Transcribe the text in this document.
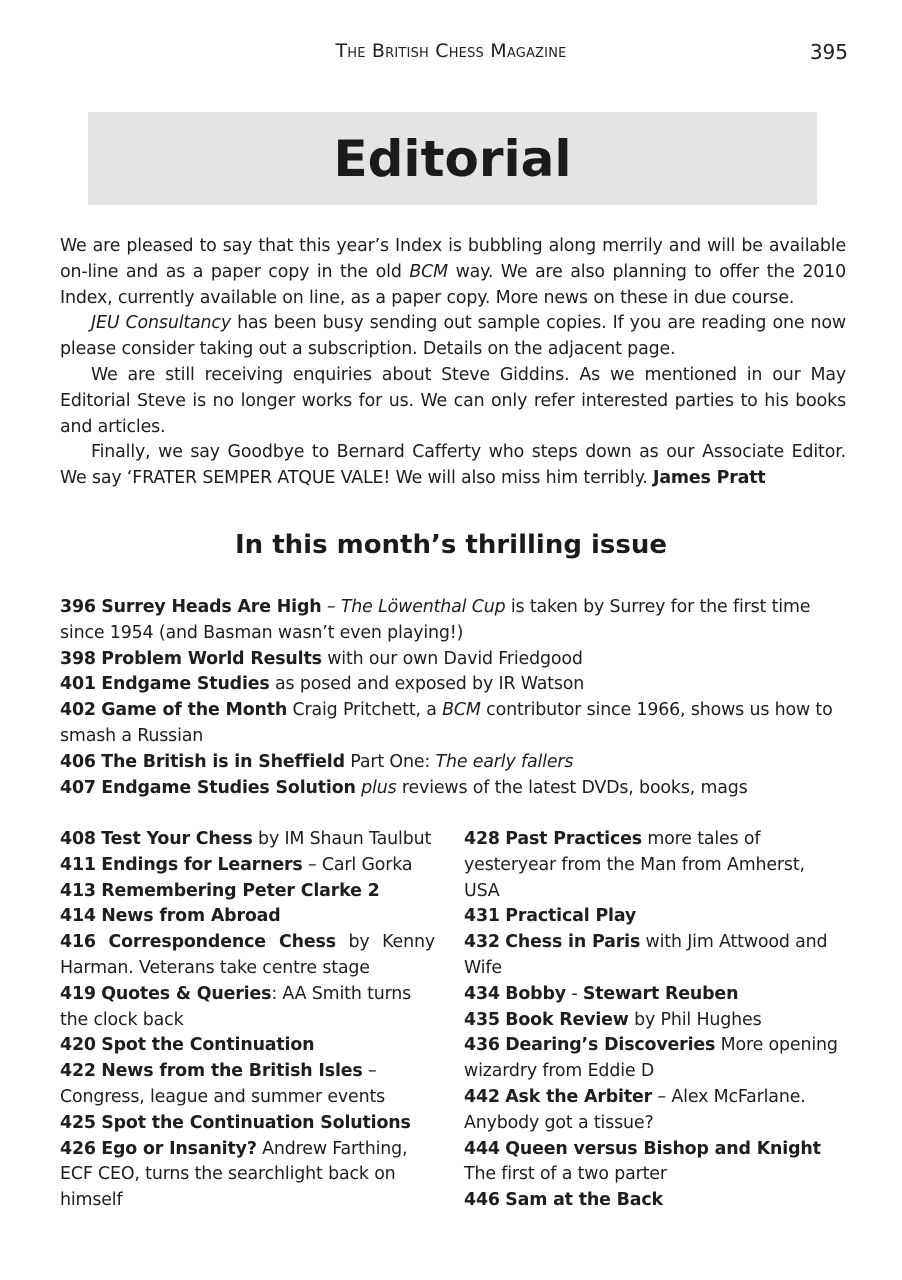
The British Chess Magazine	395
Editorial

We are pleased to say that this year’s Index is bubbling along merrily and will be available on-line and as a paper copy in the old BCM way. We are also planning to offer the 2010 Index, currently available on line, as a paper copy. More news on these in due course.

JEU Consultancy has been busy sending out sample copies. If you are reading one now please consider taking out a subscription. Details on the adjacent page.

We are still receiving enquiries about Steve Giddins. As we mentioned in our May Editorial Steve is no longer works for us. We can only refer interested parties to his books and articles.

Finally, we say Goodbye to Bernard Cafferty who steps down as our Associate Editor. We say ‘FRATER SEMPER ATQUE VALE! We will also miss him terribly. James Pratt

In this month’s thrilling issue

396 Surrey Heads Are High – The Löwenthal Cup is taken by Surrey for the first time since 1954 (and Basman wasn’t even playing!)

398 Problem World Results with our own David Friedgood

401 Endgame Studies as posed and exposed by IR Watson

402 Game of the Month Craig Pritchett, a BCM contributor since 1966, shows us how to smash a Russian

406 The British is in Sheffield Part One: The early fallers

407 Endgame Studies Solution plus reviews of the latest DVDs, books, mags

408 Test Your Chess by IM Shaun Taulbut

411 Endings for Learners – Carl Gorka

413 Remembering Peter Clarke 2

414 News from Abroad

416 Correspondence Chess by Kenny Harman. Veterans take centre stage

419 Quotes & Queries: AA Smith turns the clock back

420 Spot the Continuation

422 News from the British Isles – Congress, league and summer events

425 Spot the Continuation Solutions

426 Ego or Insanity? Andrew Farthing, ECF CEO, turns the searchlight back on himself

428 Past Practices more tales of yesteryear from the Man from Amherst, USA

431 Practical Play

432 Chess in Paris with Jim Attwood and Wife

434 Bobby - Stewart Reuben

435 Book Review by Phil Hughes

436 Dearing’s Discoveries More opening wizardry from Eddie D

442 Ask the Arbiter – Alex McFarlane. Anybody got a tissue?

444 Queen versus Bishop and Knight The first of a two parter

446 Sam at the Back
